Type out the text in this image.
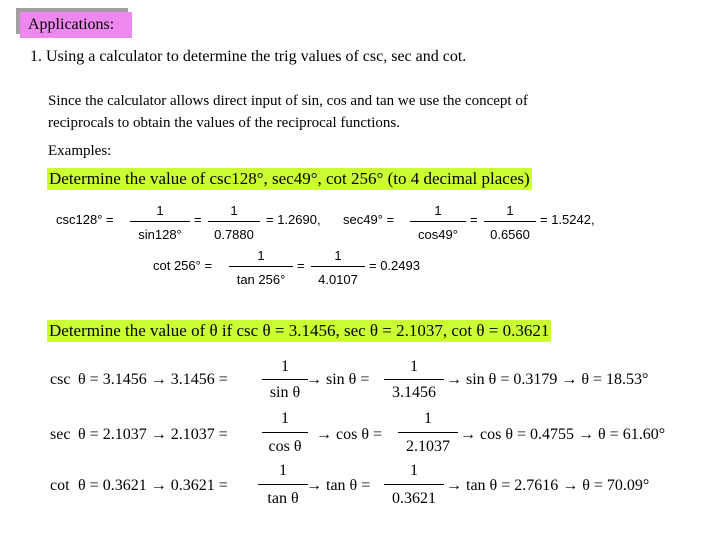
Applications:
1. Using a calculator to determine the trig values of csc, sec and cot.
Since the calculator allows direct input of sin, cos and tan we use the concept of
reciprocals to obtain the values of the reciprocal functions.
Examples:
Determine the value of csc128°, sec49°, cot 256° (to 4 decimal places)
csc128° =
1
sin128°
=
1
0.7880
= 1.2690, sec49° =
1
cos49°
=
1
0.6560
= 1.5242,
cot 256° =
1
tan 256°
=
1
4.0107
= 0.2493
Determine the value of θ if csc θ = 3.1456, sec θ = 2.1037, cot θ = 0.3621
csc θ = 3.1456 → 3.1456 =
1
sin θ
→ sin θ =
1
3.1456
→ sin θ = 0.3179 → θ = 18.53°
sec θ = 2.1037 → 2.1037 =
1
cos θ
→ cos θ =
1
2.1037
→ cos θ = 0.4755 → θ = 61.60°
cot θ = 0.3621 → 0.3621 =
1
tan θ
→ tan θ =
1
0.3621
→ tan θ = 2.7616 → θ = 70.09°
